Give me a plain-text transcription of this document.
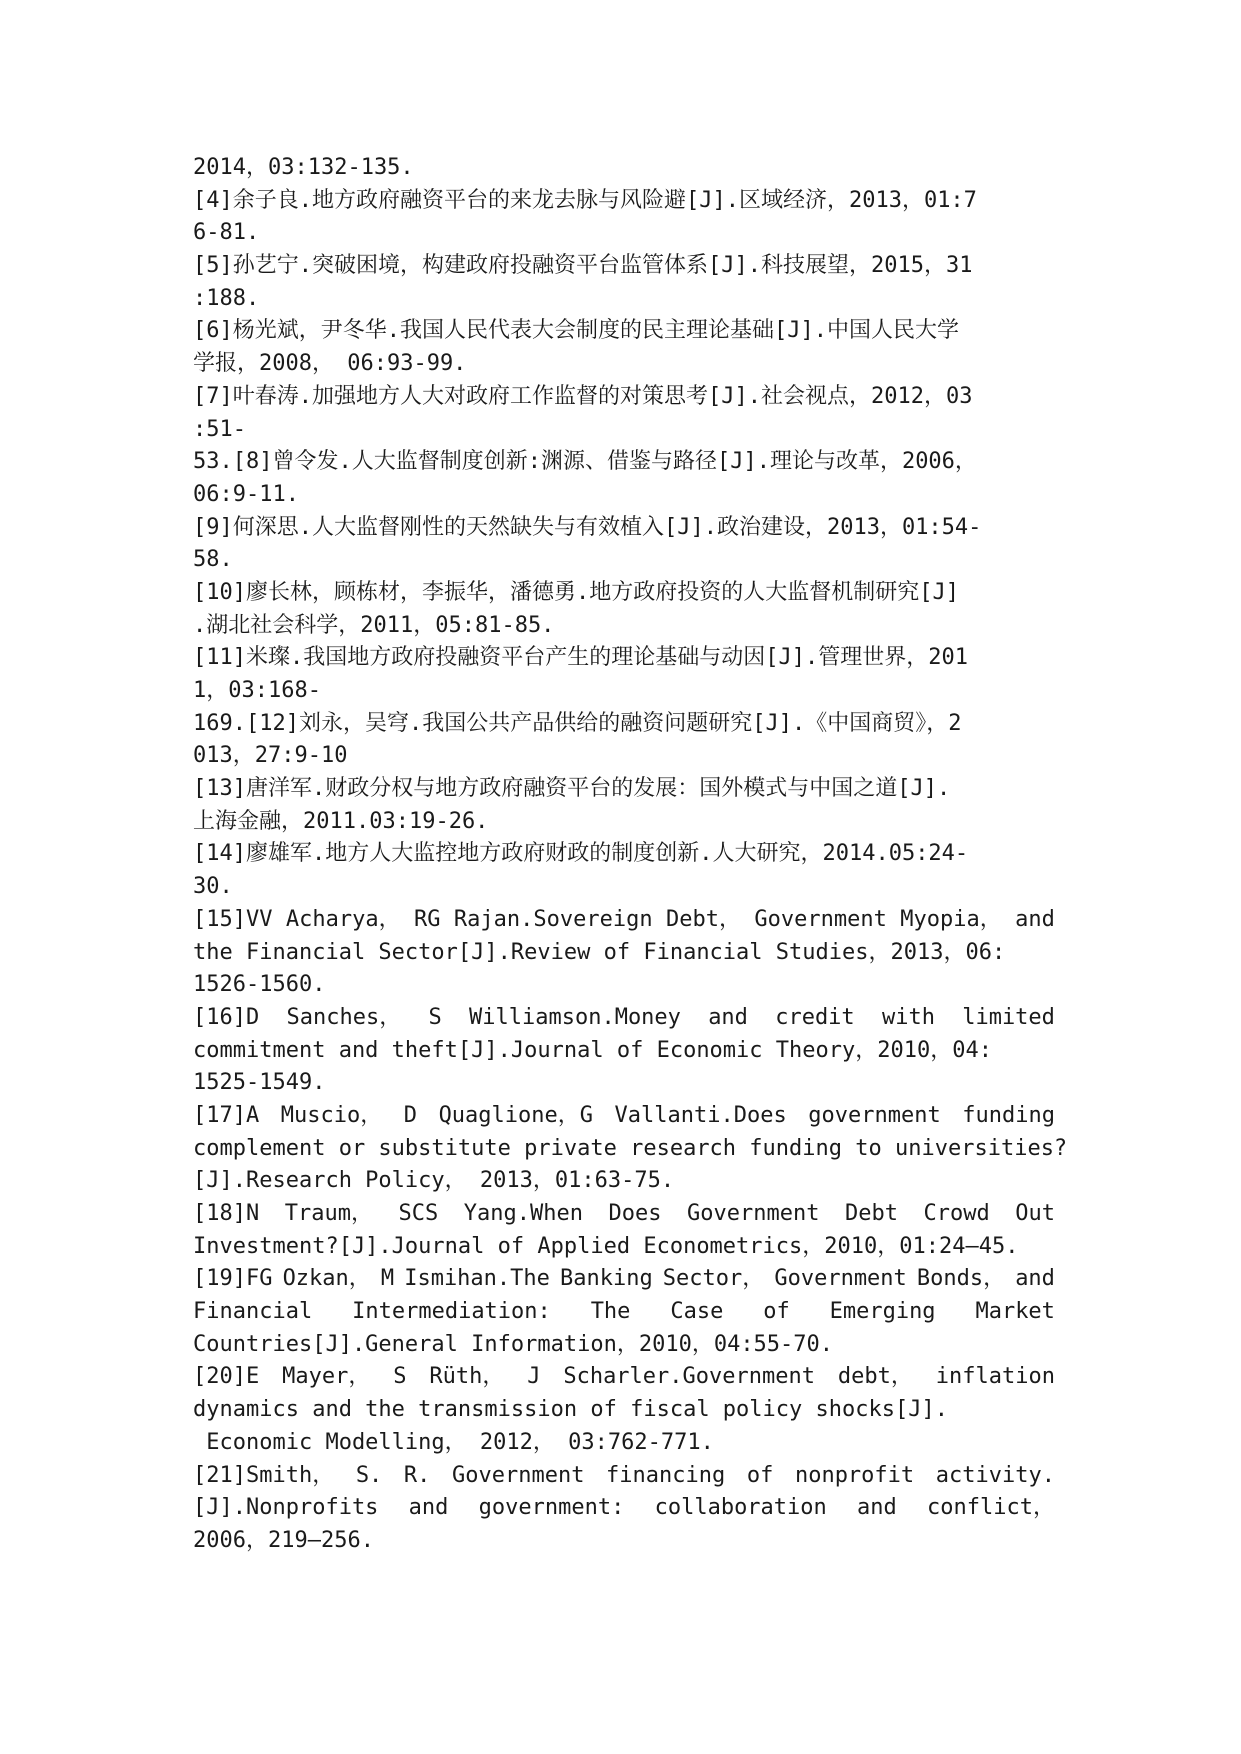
2014，03:132-135.
[4]余子良.地方政府融资平台的来龙去脉与风险避[J].区域经济，2013，01:7
6-81.
[5]孙艺宁.突破困境，构建政府投融资平台监管体系[J].科技展望，2015，31
:188.
[6]杨光斌，尹冬华.我国人民代表大会制度的民主理论基础[J].中国人民大学
学报，2008， 06:93-99.
[7]叶春涛.加强地方人大对政府工作监督的对策思考[J].社会视点，2012，03
:51-
53.[8]曾令发.人大监督制度创新:渊源、借鉴与路径[J].理论与改革，2006，
06:9-11.
[9]何深思.人大监督刚性的天然缺失与有效植入[J].政治建设，2013，01:54-
58.
[10]廖长林，顾栋材，李振华，潘德勇.地方政府投资的人大监督机制研究[J]
.湖北社会科学，2011，05:81-85.
[11]米璨.我国地方政府投融资平台产生的理论基础与动因[J].管理世界，201
1，03:168-
169.[12]刘永，吴穹.我国公共产品供给的融资问题研究[J].《中国商贸》，2
013，27:9-10
[13]唐洋军.财政分权与地方政府融资平台的发展：国外模式与中国之道[J].
上海金融，2011.03:19-26.
[14]廖雄军.地方人大监控地方政府财政的制度创新.人大研究，2014.05:24-
30.
[15]VV Acharya， RG Rajan.Sovereign Debt， Government Myopia， and
the Financial Sector[J].Review of Financial Studies，2013，06:
1526-1560.
[16]D Sanches， S Williamson.Money and credit with limited
commitment and theft[J].Journal of Economic Theory，2010，04:
1525-1549.
[17]A Muscio， D Quaglione，G Vallanti.Does government funding
complement or substitute private research funding to universities?
[J].Research Policy， 2013，01:63-75.
[18]N Traum， SCS Yang.When Does Government Debt Crowd Out
Investment?[J].Journal of Applied Econometrics，2010，01:24–45.
[19]FG Ozkan， M Ismihan.The Banking Sector， Government Bonds， and
Financial Intermediation: The Case of Emerging Market
Countries[J].General Information，2010，04:55-70.
[20]E Mayer， S Rüth， J Scharler.Government debt， inflation
dynamics and the transmission of fiscal policy shocks[J].
Economic Modelling， 2012， 03:762-771.
[21]Smith， S. R. Government financing of nonprofit activity.
[J].Nonprofits and government: collaboration and conflict，
2006，219–256.
